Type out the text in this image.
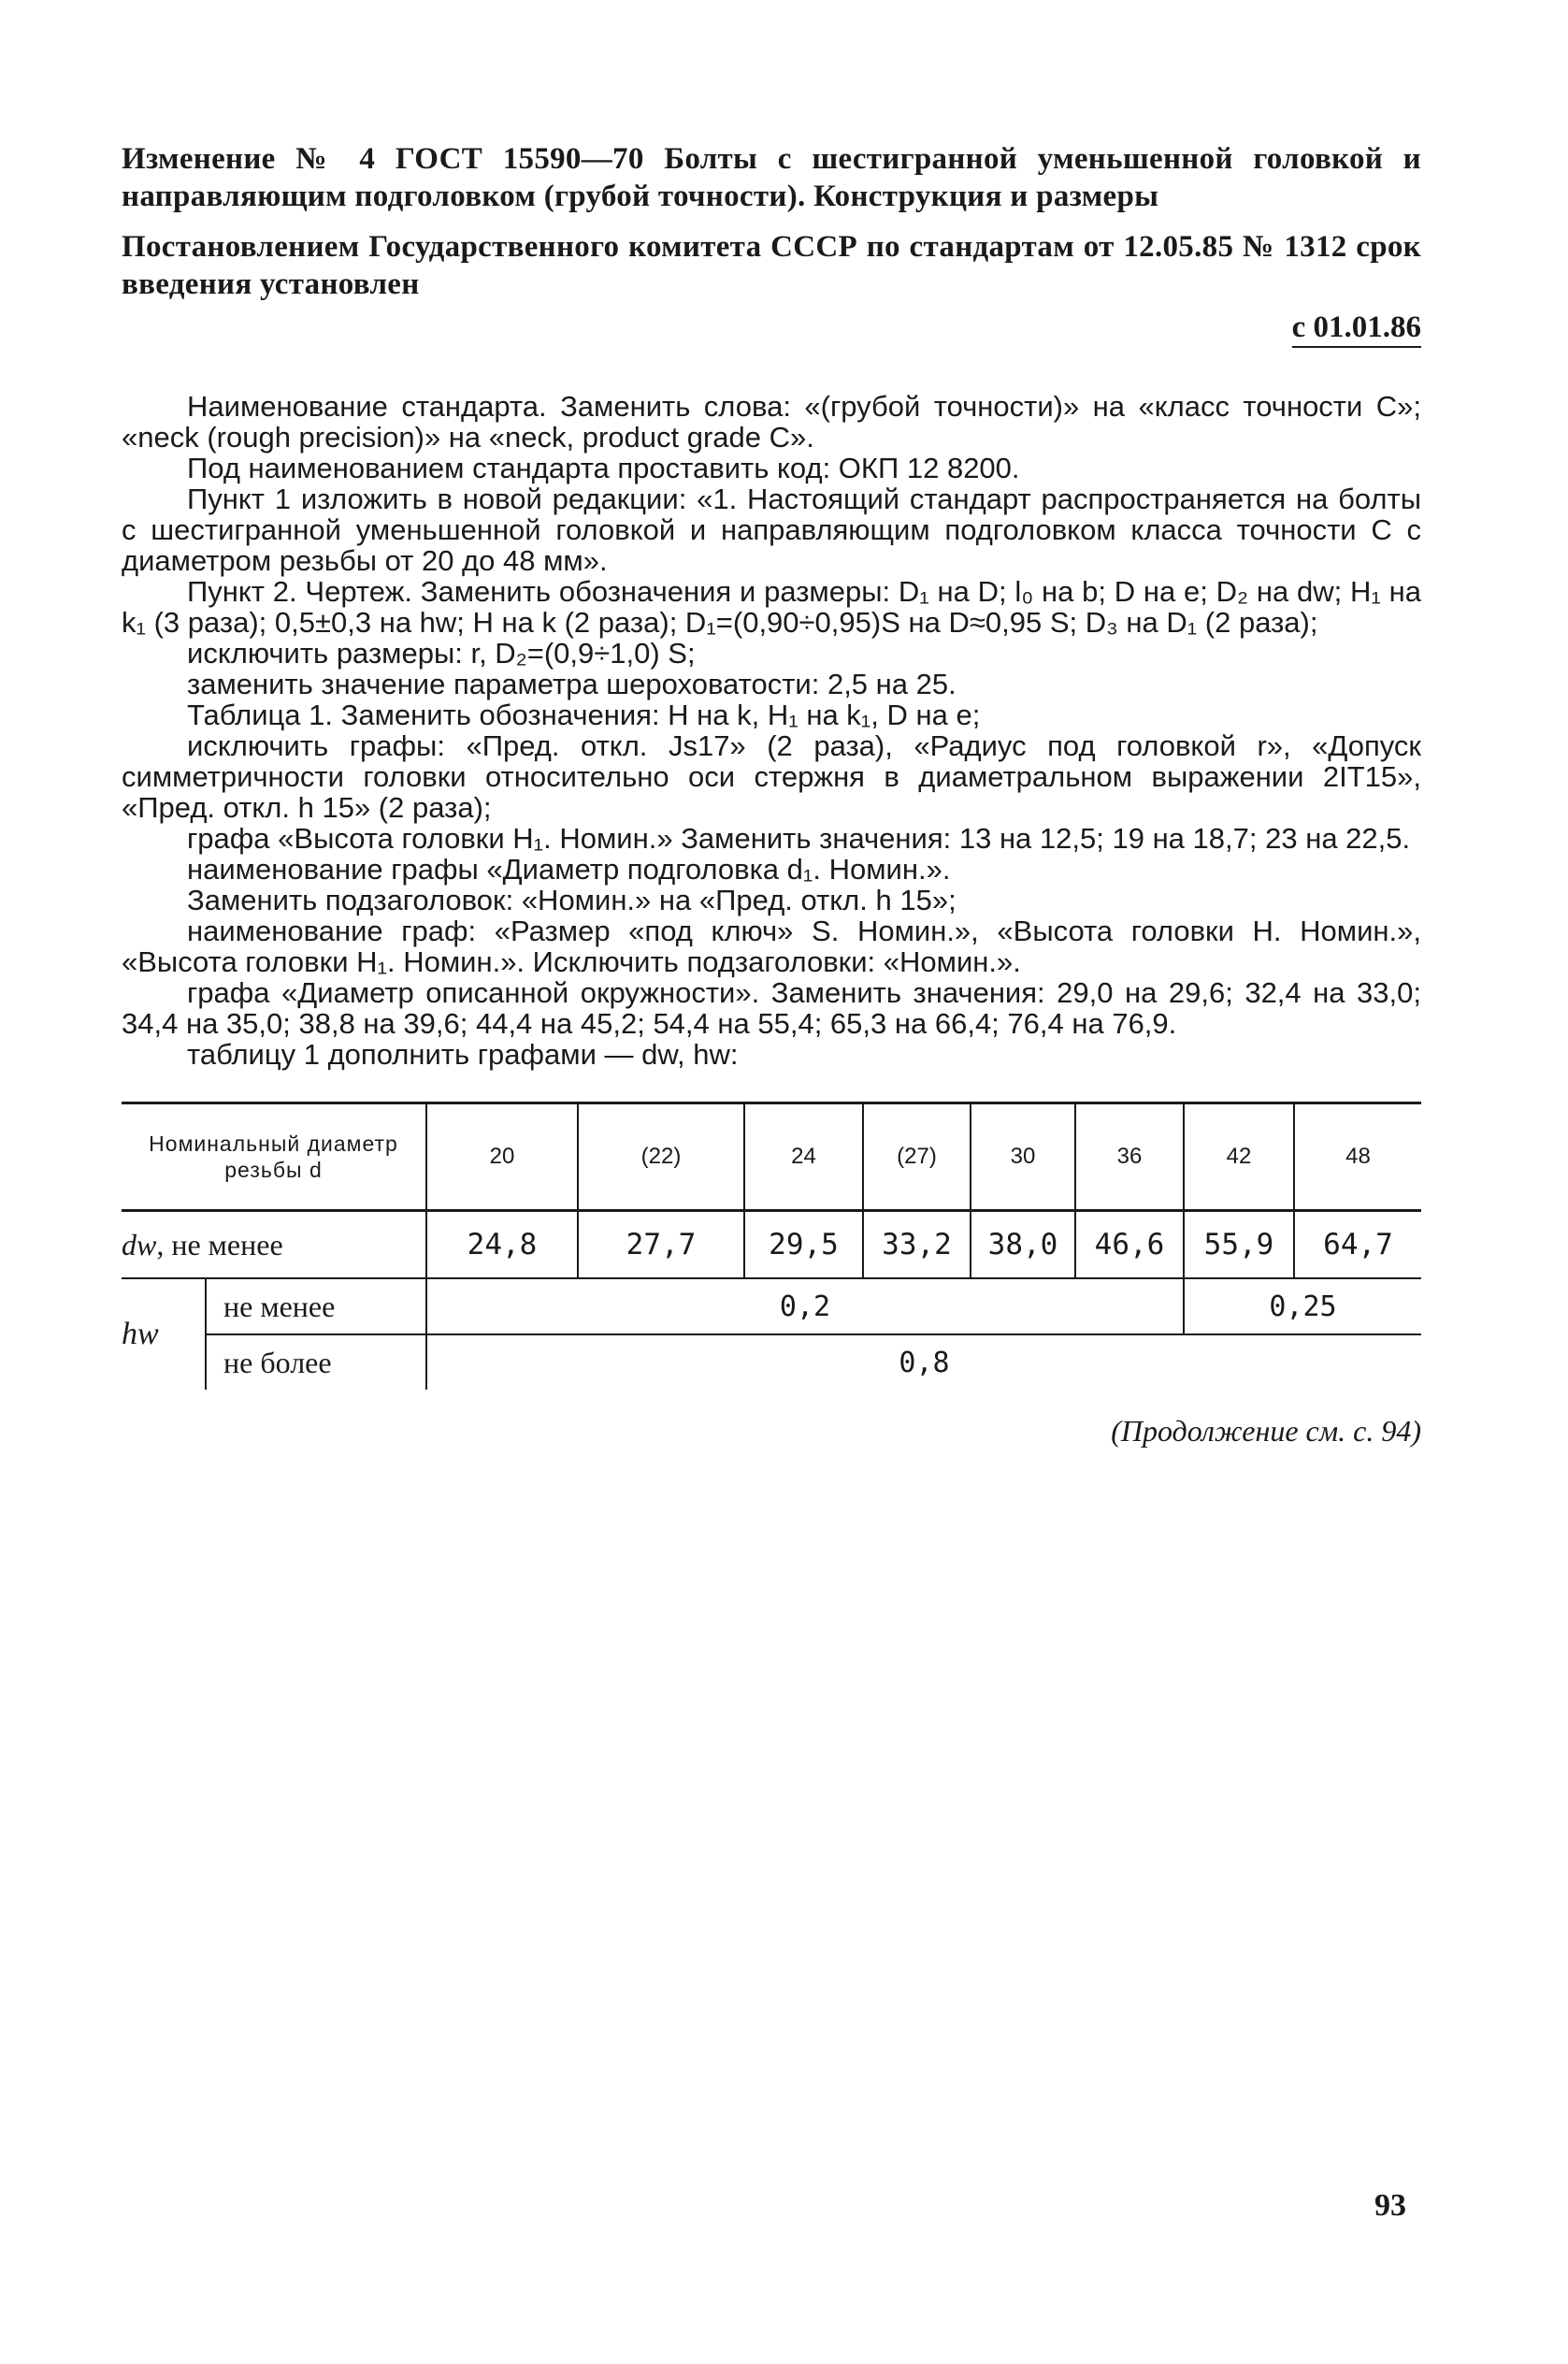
Изменение № 4 ГОСТ 15590—70 Болты с шестигранной уменьшенной головкой и направляющим подголовком (грубой точности). Конструкция и размеры

Постановлением Государственного комитета СССР по стандартам от 12.05.85 № 1312 срок введения установлен

с 01.01.86

Наименование стандарта. Заменить слова: «(грубой точности)» на «класс точности С»; «neck (rough precision)» на «neck, product grade С».

Под наименованием стандарта проставить код: ОКП 12 8200.

Пункт 1 изложить в новой редакции: «1. Настоящий стандарт распространяется на болты с шестигранной уменьшенной головкой и направляющим подголовком класса точности С с диаметром резьбы от 20 до 48 мм».

Пункт 2. Чертеж. Заменить обозначения и размеры: D₁ на D; l₀ на b; D на e; D₂ на dw; H₁ на k₁ (3 раза); 0,5±0,3 на hw; H на k (2 раза); D₁=(0,90÷0,95)S на D≈0,95 S; D₃ на D₁ (2 раза);

исключить размеры: r, D₂=(0,9÷1,0) S;

заменить значение параметра шероховатости: 2,5 на 25.

Таблица 1. Заменить обозначения: H на k, H₁ на k₁, D на e;

исключить графы: «Пред. откл. Js17» (2 раза), «Радиус под головкой r», «Допуск симметричности головки относительно оси стержня в диаметральном выражении 2IT15», «Пред. откл. h 15» (2 раза);

графа «Высота головки H₁. Номин.» Заменить значения: 13 на 12,5; 19 на 18,7; 23 на 22,5.

наименование графы «Диаметр подголовка d₁. Номин.».

Заменить подзаголовок: «Номин.» на «Пред. откл. h 15»;

наименование граф: «Размер «под ключ» S. Номин.», «Высота головки H. Номин.», «Высота головки H₁. Номин.». Исключить подзаголовки: «Номин.».

графа «Диаметр описанной окружности». Заменить значения: 29,0 на 29,6; 32,4 на 33,0; 34,4 на 35,0; 38,8 на 39,6; 44,4 на 45,2; 54,4 на 55,4; 65,3 на 66,4; 76,4 на 76,9.

таблицу 1 дополнить графами — dw, hw:

Номинальный диаметр резьбы d		20	(22)	24	(27)	30	36	42	48
dw, не менее		24,8	27,7	29,5	33,2	38,0	46,6	55,9	64,7
hw	не менее	0,2						0,25	
	не более	0,8							
(Продолжение см. с. 94)
93
